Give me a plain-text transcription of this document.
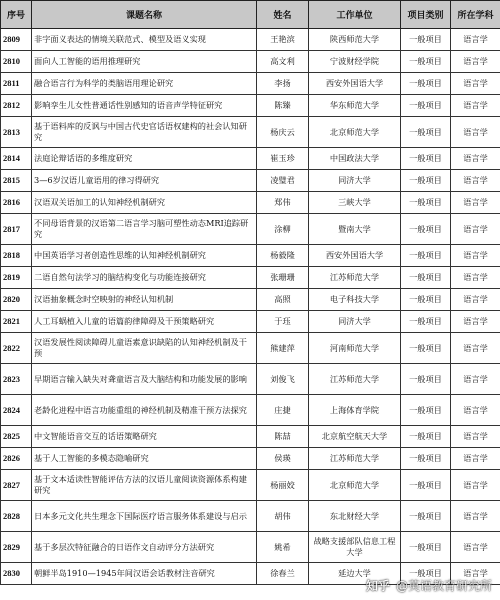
序号	课题名称	姓名	工作单位	项目类别	所在学科
2809	非字面义表达的情境关联范式、模型及语义实现	王艳滨	陕西师范大学	一般项目	语言学
2810	面向人工智能的语用推理研究	高文利	宁波财经学院	一般项目	语言学
2811	融合语言行为科学的类脑语用理论研究	李扬	西安外国语大学	一般项目	语言学
2812	影响孪生儿女性普通话性别感知的语音声学特征研究	陈臻	华东师范大学	一般项目	语言学
2813	基于语料库的反讽与中国古代史官话语权建构的社会认知研究	杨庆云	北京师范大学	一般项目	语言学
2814	法庭论辩话语的多维度研究	崔玉珍	中国政法大学	一般项目	语言学
2815	3—6岁汉语儿童语用的律习得研究	凌璧君	同济大学	一般项目	语言学
2816	汉语双关语加工的认知神经机制研究	郑伟	三峡大学	一般项目	语言学
2817	不同母语背景的汉语第二语言学习脑可塑性动态MRI追踪研究	涂柳	暨南大学	一般项目	语言学
2818	中国英语学习者创造性思维的认知神经机制研究	杨毅隆	西安外国语大学	一般项目	语言学
2819	二语自然句法学习的脑结构变化与功能连接研究	张珊珊	江苏师范大学	一般项目	语言学
2820	汉语抽象概念时空映射的神经认知机制	高照	电子科技大学	一般项目	语言学
2821	人工耳蜗植入儿童的语篇韵律障碍及干预策略研究	于珏	同济大学	一般项目	语言学
2822	汉语发展性阅读障碍儿童语素意识缺陷的认知神经机制及干预	熊建萍	河南师范大学	一般项目	语言学
2823	早期语言输入缺失对聋童语言及大脑结构和功能发展的影响	刘俊飞	江苏师范大学	一般项目	语言学
2824	老龄化进程中语言功能重组的神经机制及精准干预方法探究	庄捷	上海体育学院	一般项目	语言学
2825	中文智能语音交互的话语策略研究	陈喆	北京航空航天大学	一般项目	语言学
2826	基于人工智能的多模态隐喻研究	侯瑛	江苏师范大学	一般项目	语言学
2827	基于文本适读性智能评估方法的汉语儿童阅读资源体系构建研究	杨丽姣	北京师范大学	一般项目	语言学
2828	日本多元文化共生理念下国际医疗语言服务体系建设与启示	胡伟	东北财经大学	一般项目	语言学
2829	基于多层次特征融合的日语作文自动评分方法研究	姚希	战略支援部队信息工程大学	一般项目	语言学
2830	朝鲜半岛1910—1945年间汉语会话教材注音研究	徐春兰	延边大学	一般项目	语言学
知乎 @英语教育研究所
